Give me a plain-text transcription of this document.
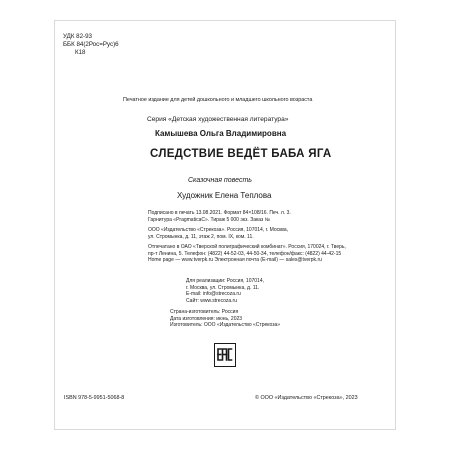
УДК 82-93
ББК 84(2Рос=Рус)6
К18
Печатное издание для детей дошкольного и младшего школьного возраста
Серия «Детская художественная литература»
Камышева Ольга Владимировна
СЛЕДСТВИЕ ВЕДЁТ БАБА ЯГА
Сказочная повесть
Художник Елена Теплова
Подписано в печать 13.08.2021. Формат 84×108/16. Печ. л. 3.
Гарнитура «PragmaticaC». Тираж 5 000 экз. Заказ №
ООО «Издательство «Стрекоза». Россия, 107014, г. Москва,
ул. Стромынка, д. 11, этаж 2, пом. IX, ком. 11.
Отпечатано в ОАО «Тверской полиграфический комбинат». Россия, 170024, г. Тверь,
пр-т Ленина, 5. Телефон: (4822) 44-52-03, 44-50-34, телефон/факс: (4822) 44-42-15
Home page — www.tverpk.ru Электронная почта (E-mail) — sales@tverpk.ru
Для реализации: Россия, 107014,
г. Москва, ул. Стромынка, д. 11.
E-mail: info@strecoza.ru
Сайт: www.strecoza.ru
Страна-изготовитель: Россия
Дата изготовления: июнь, 2023
Изготовитель: ООО «Издательство «Стрекоза»
ISBN 978-5-9951-5068-8	© ООО «Издательство «Стрекоза», 2023
